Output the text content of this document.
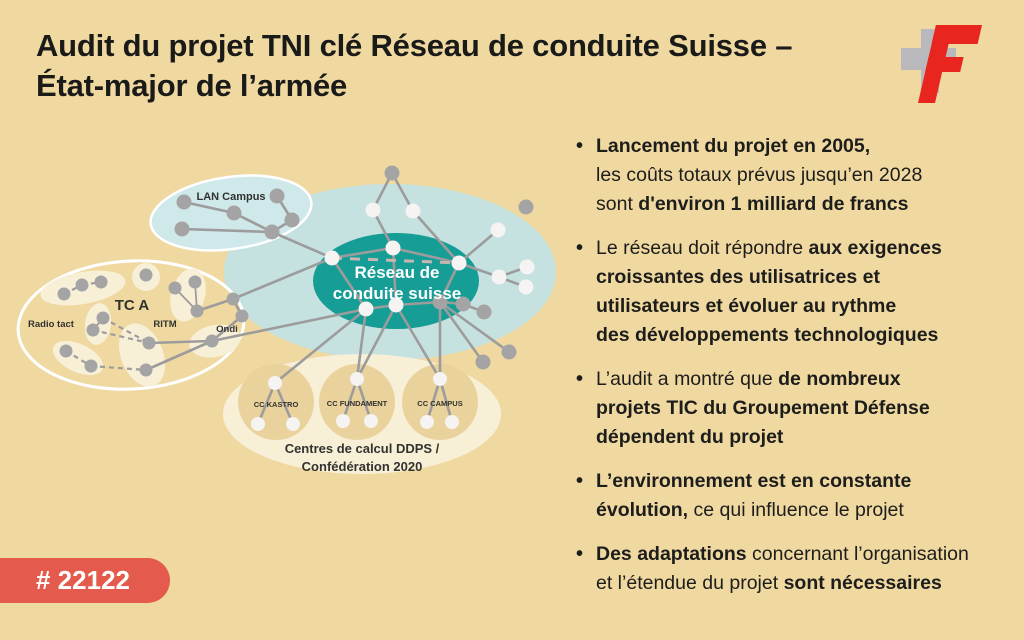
Audit du projet TNI clé Réseau de conduite Suisse –
État-major de l’armée
LAN Campus
TC A
Radio tact	RITM	Ondi
Réseau de
conduite suisse
CC KASTRO	CC FUNDAMENT	CC CAMPUS
Centres de calcul DDPS /
Confédération 2020
• Lancement du projet en 2005,
les coûts totaux prévus jusqu’en 2028
sont d'environ 1 milliard de francs
• Le réseau doit répondre aux exigences
croissantes des utilisatrices et
utilisateurs et évoluer au rythme
des développements technologiques
• L’audit a montré que de nombreux
projets TIC du Groupement Défense
dépendent du projet
• L’environnement est en constante
évolution, ce qui influence le projet
• Des adaptations concernant l’organisation
et l’étendue du projet sont nécessaires
# 22122
